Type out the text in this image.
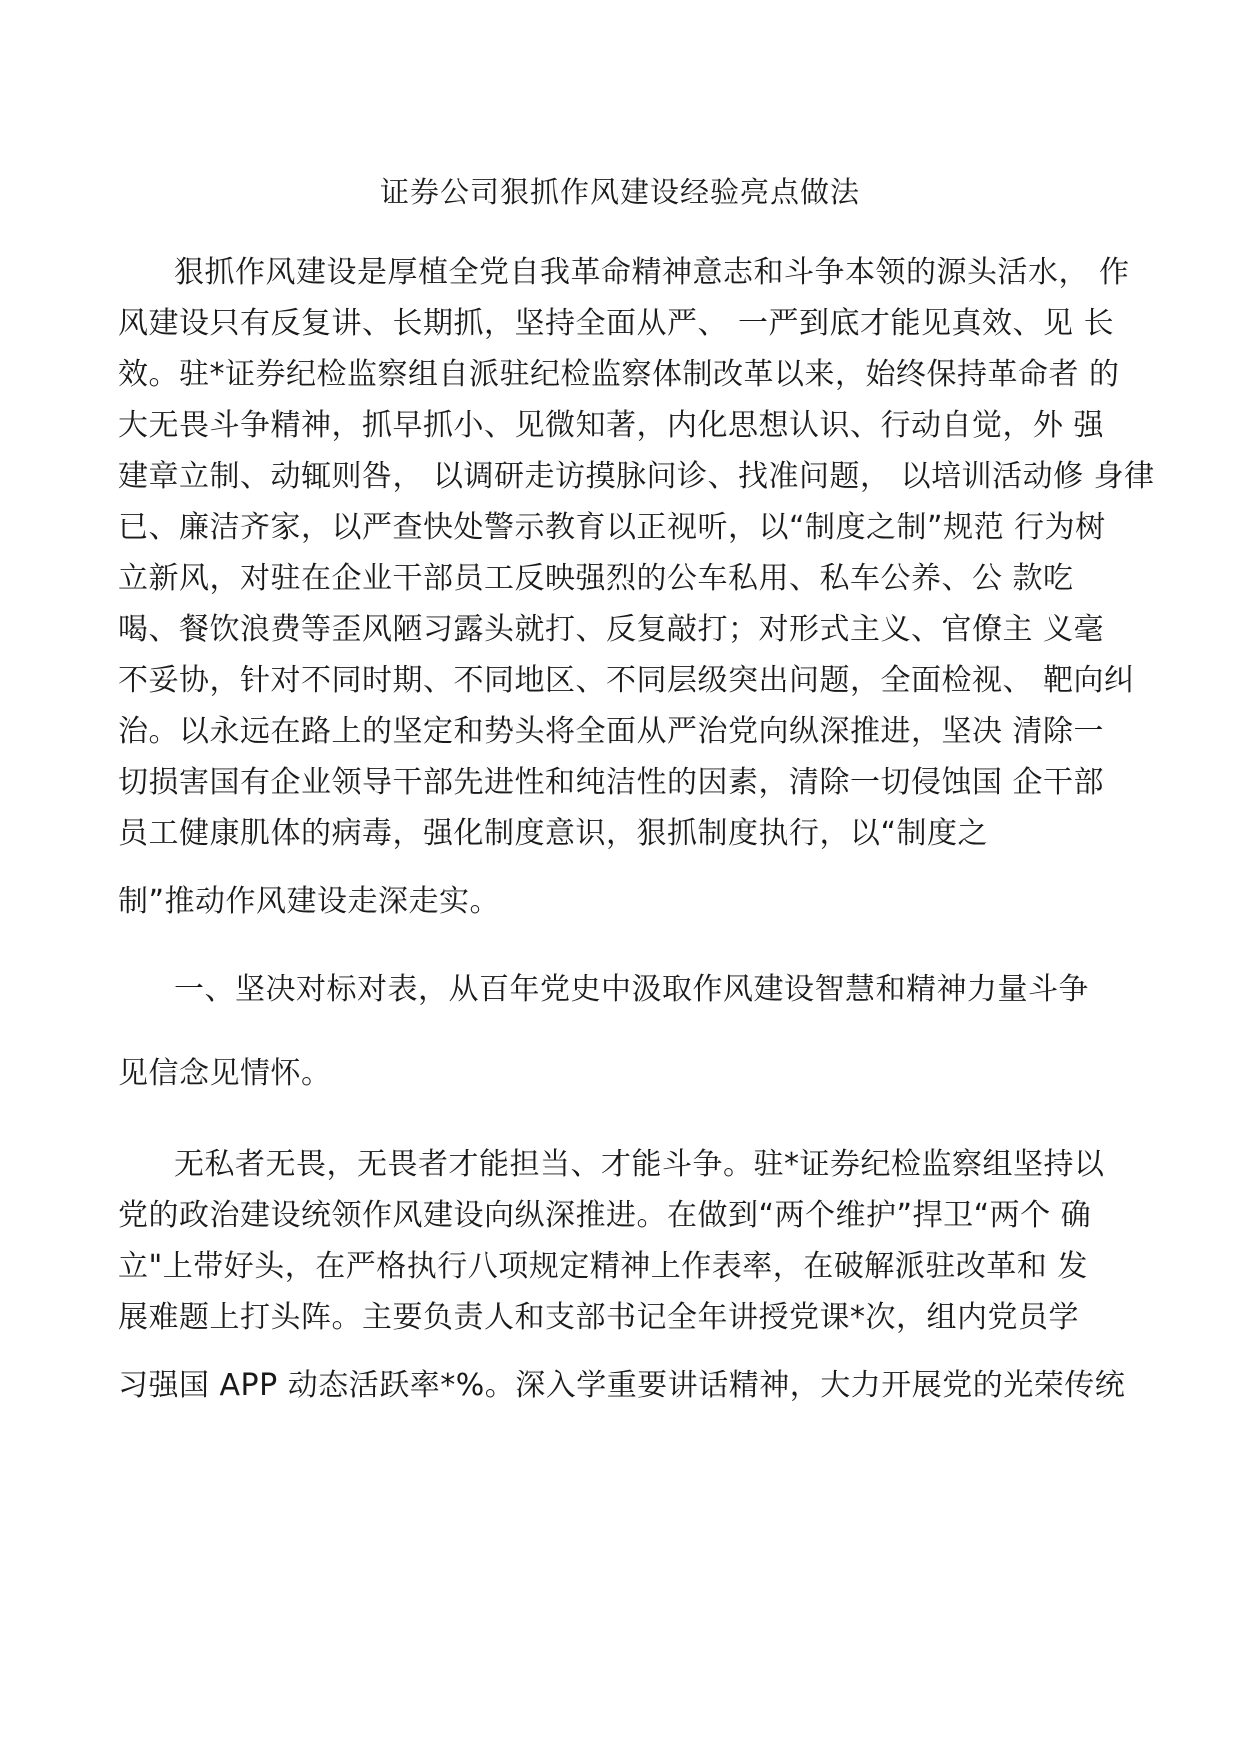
证券公司狠抓作风建设经验亮点做法
狠抓作风建设是厚植全党自我革命精神意志和斗争本领的源头活水， 作
风建设只有反复讲、长期抓，坚持全面从严、 一严到底才能见真效、见 长
效。驻*证券纪检监察组自派驻纪检监察体制改革以来，始终保持革命者 的
大无畏斗争精神，抓早抓小、见微知著，内化思想认识、行动自觉，外 强
建章立制、动辄则咎， 以调研走访摸脉问诊、找准问题， 以培训活动修 身律
已、廉洁齐家，以严查快处警示教育以正视听，以“制度之制”规范 行为树
立新风，对驻在企业干部员工反映强烈的公车私用、私车公养、公 款吃
喝、餐饮浪费等歪风陋习露头就打、反复敲打；对形式主义、官僚主 义毫
不妥协，针对不同时期、不同地区、不同层级突出问题，全面检视、 靶向纠
治。以永远在路上的坚定和势头将全面从严治党向纵深推进，坚决 清除一
切损害国有企业领导干部先进性和纯洁性的因素，清除一切侵蚀国 企干部
员工健康肌体的病毒，强化制度意识，狠抓制度执行，以“制度之
制”推动作风建设走深走实。
一、坚决对标对表，从百年党史中汲取作风建设智慧和精神力量斗争
见信念见情怀。
无私者无畏，无畏者才能担当、才能斗争。驻*证券纪检监察组坚持以
党的政治建设统领作风建设向纵深推进。在做到“两个维护”捍卫“两个 确
立"上带好头，在严格执行八项规定精神上作表率，在破解派驻改革和 发
展难题上打头阵。主要负责人和支部书记全年讲授党课*次，组内党员学
习强国 APP 动态活跃率*%。深入学重要讲话精神，大力开展党的光荣传统
